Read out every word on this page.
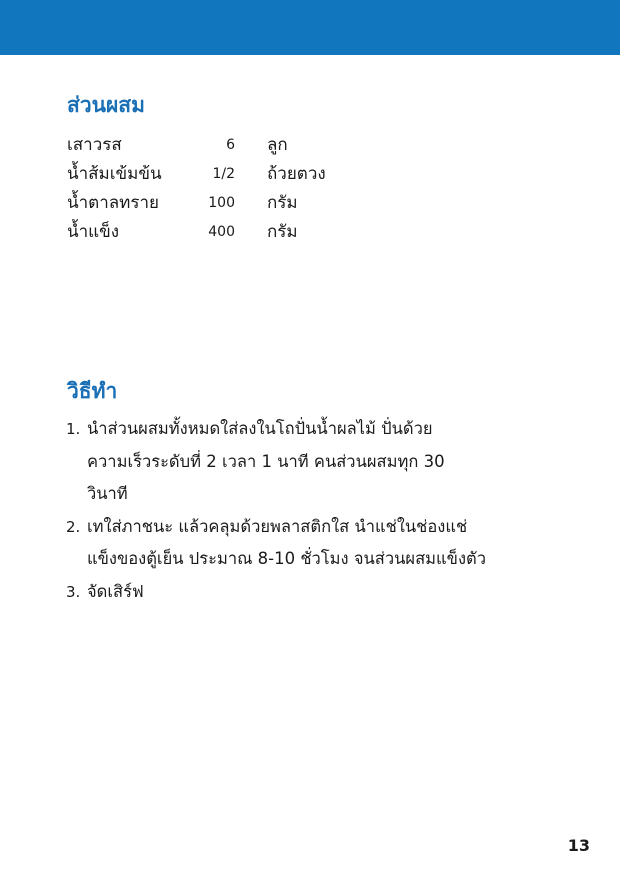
ส่วนผสม
เสาวรส	6 ลูก
น้ำส้มเข้มข้น	1/2 ถ้วยตวง
น้ำตาลทราย	100 กรัม
น้ำแข็ง	400 กรัม
วิธีทำ
1. นำส่วนผสมทั้งหมดใส่ลงในโถปั่นน้ำผลไม้ ปั่นด้วยความเร็วระดับที่ 2 เวลา 1 นาที คนส่วนผสมทุก 30 วินาที
2. เทใส่ภาชนะ แล้วคลุมด้วยพลาสติกใส นำแช่ในช่องแช่แข็งของตู้เย็น ประมาณ 8-10 ชั่วโมง จนส่วนผสมแข็งตัว
3. จัดเสิร์ฟ
13
